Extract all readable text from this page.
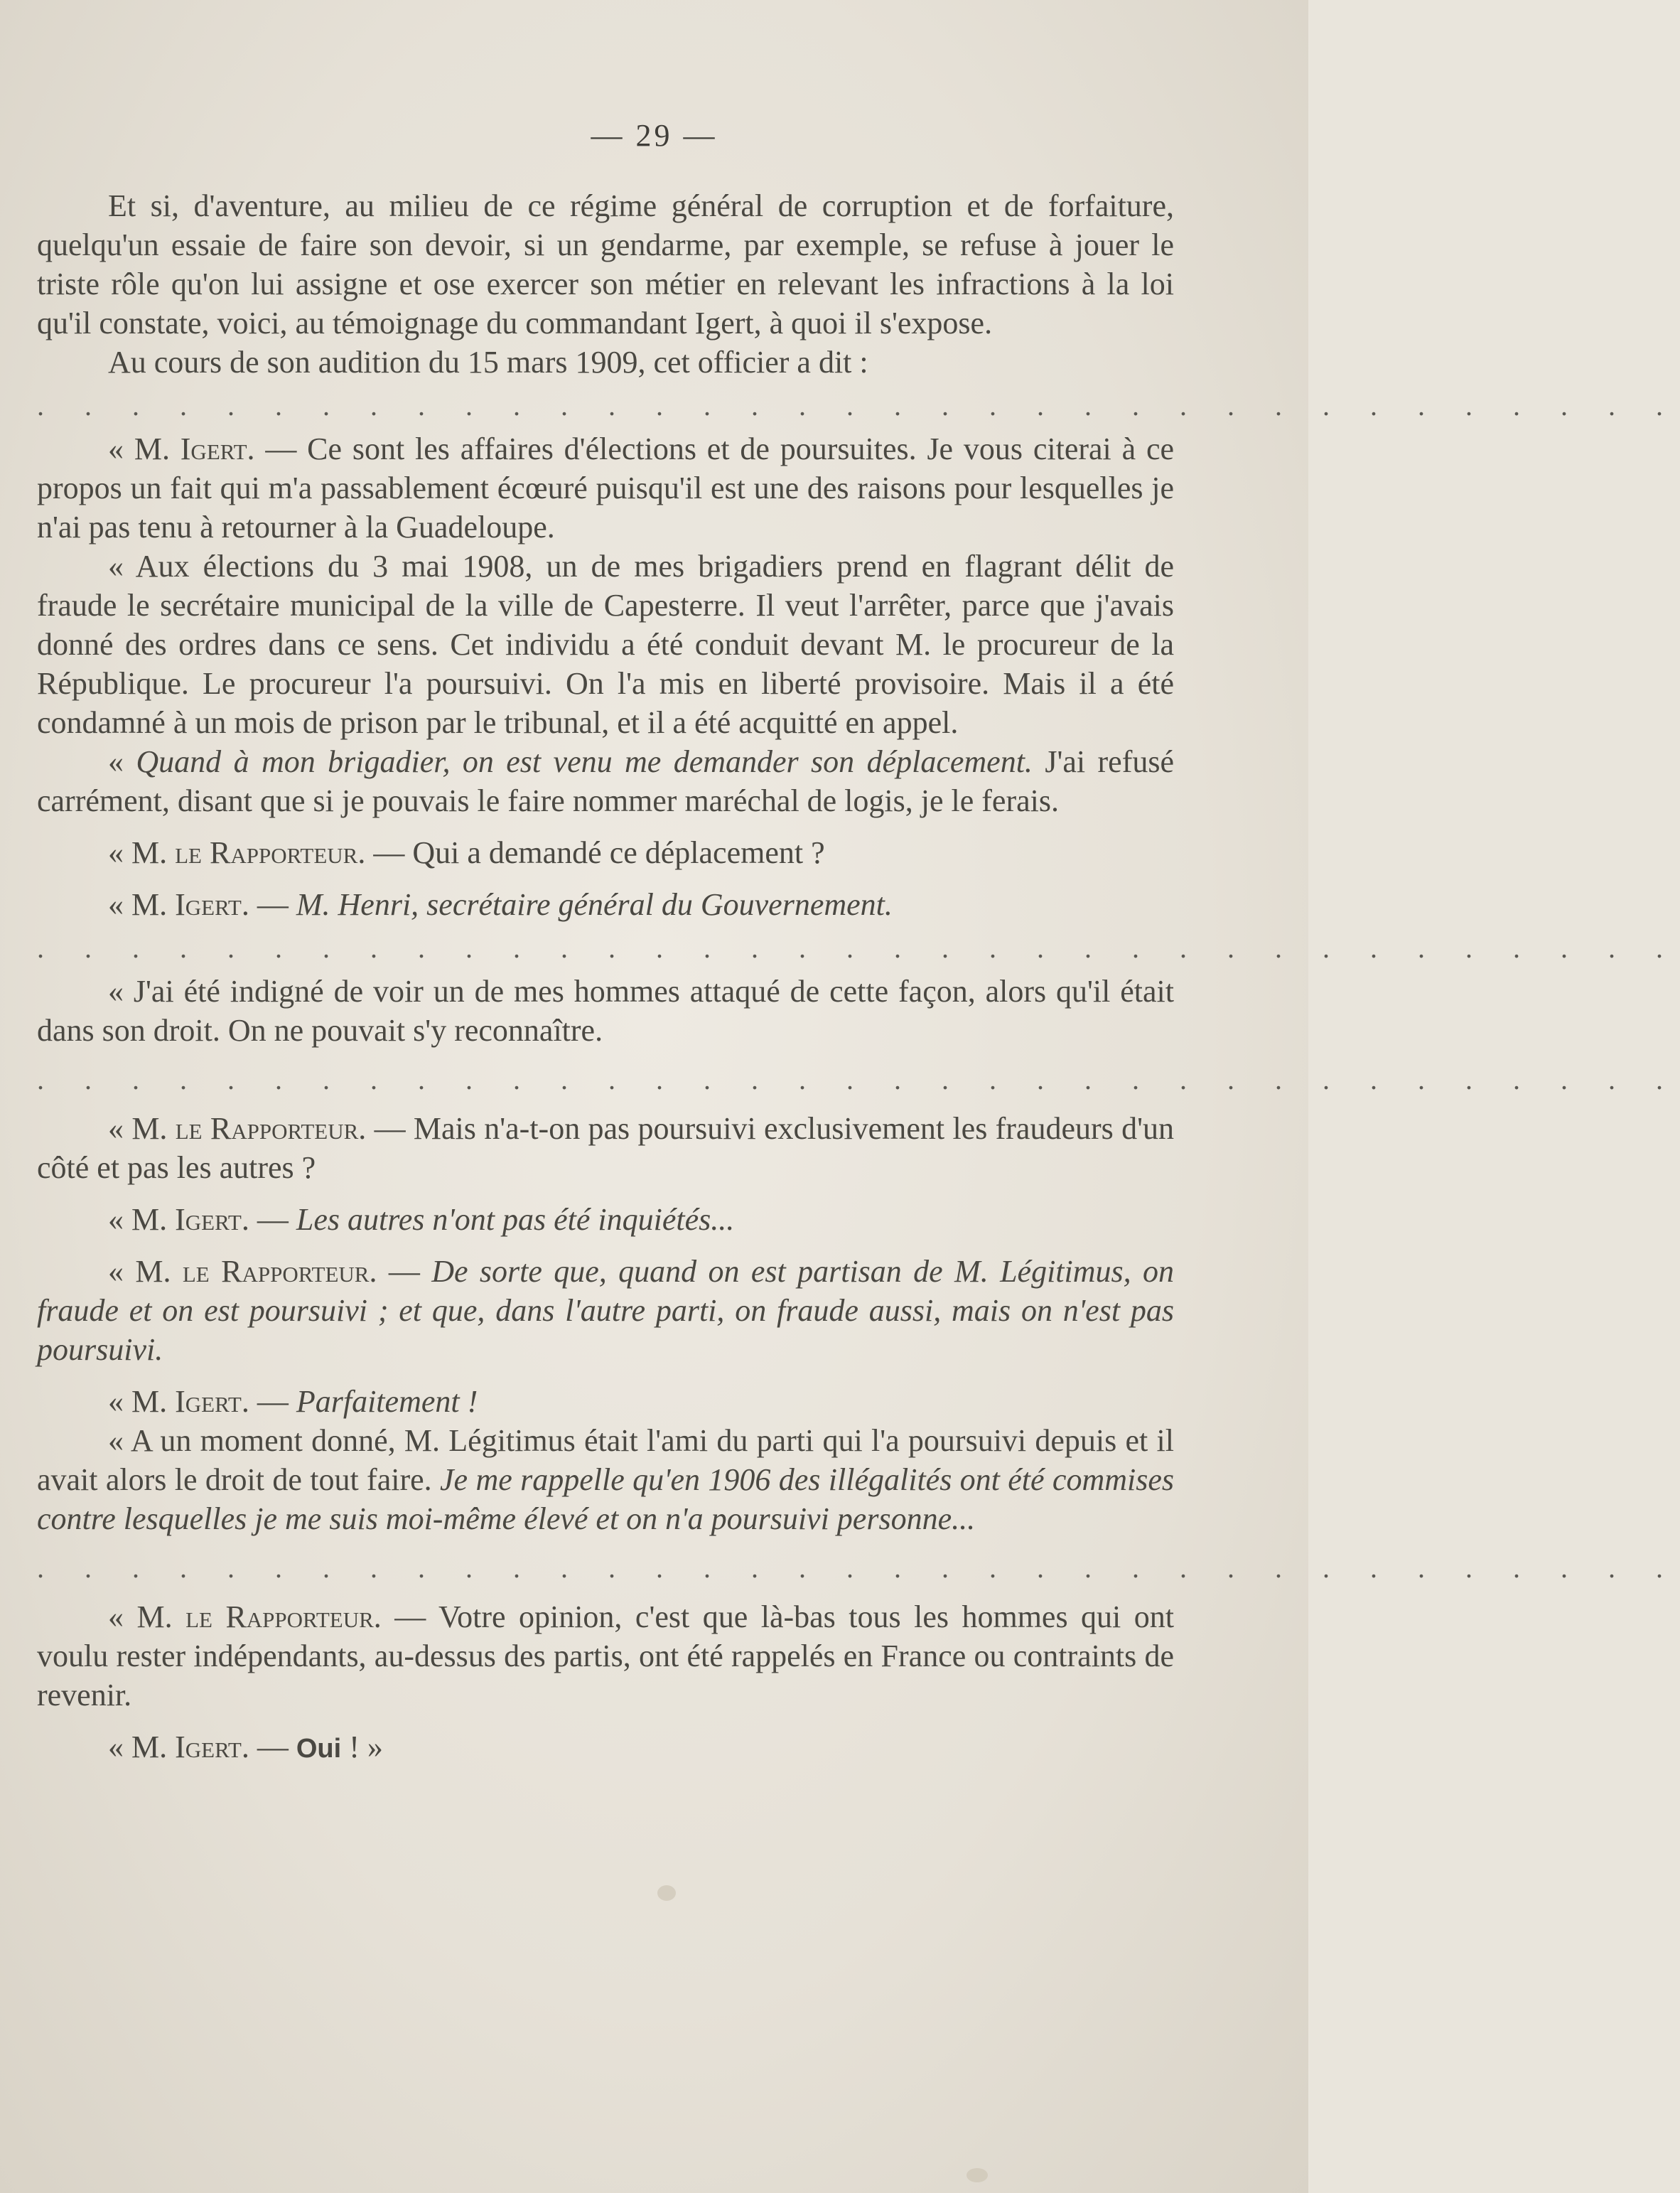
— 29 —

Et si, d'aventure, au milieu de ce régime général de corruption et de forfaiture, quelqu'un essaie de faire son devoir, si un gendarme, par exemple, se refuse à jouer le triste rôle qu'on lui assigne et ose exercer son métier en relevant les infractions à la loi qu'il constate, voici, au témoignage du commandant Igert, à quoi il s'expose.

Au cours de son audition du 15 mars 1909, cet officier a dit :

. . . . . . . . . . . . . . . . . . . . . . . . . . . . . . . . . . .

« M. Igert. — Ce sont les affaires d'élections et de poursuites. Je vous citerai à ce propos un fait qui m'a passablement écœuré puisqu'il est une des raisons pour lesquelles je n'ai pas tenu à retourner à la Guadeloupe.

« Aux élections du 3 mai 1908, un de mes brigadiers prend en flagrant délit de fraude le secrétaire municipal de la ville de Capesterre. Il veut l'arrêter, parce que j'avais donné des ordres dans ce sens. Cet individu a été conduit devant M. le procureur de la République. Le procureur l'a poursuivi. On l'a mis en liberté provisoire. Mais il a été condamné à un mois de prison par le tribunal, et il a été acquitté en appel.

« Quand à mon brigadier, on est venu me demander son déplacement. J'ai refusé carrément, disant que si je pouvais le faire nommer maréchal de logis, je le ferais.

« M. le Rapporteur. — Qui a demandé ce déplacement ?

« M. Igert. — M. Henri, secrétaire général du Gouvernement.

. . . . . . . . . . . . . . . . . . . . . . . . . . . . . . . . . . .

« J'ai été indigné de voir un de mes hommes attaqué de cette façon, alors qu'il était dans son droit. On ne pouvait s'y reconnaître.

. . . . . . . . . . . . . . . . . . . . . . . . . . . . . . . . . . .

« M. le Rapporteur. — Mais n'a-t-on pas poursuivi exclusivement les fraudeurs d'un côté et pas les autres ?

« M. Igert. — Les autres n'ont pas été inquiétés...

« M. le Rapporteur. — De sorte que, quand on est partisan de M. Légitimus, on fraude et on est poursuivi ; et que, dans l'autre parti, on fraude aussi, mais on n'est pas poursuivi.

« M. Igert. — Parfaitement !

« A un moment donné, M. Légitimus était l'ami du parti qui l'a poursuivi depuis et il avait alors le droit de tout faire. Je me rappelle qu'en 1906 des illégalités ont été commises contre lesquelles je me suis moi-même élevé et on n'a poursuivi personne...

. . . . . . . . . . . . . . . . . . . . . . . . . . . . . . . . . . .

« M. le Rapporteur. — Votre opinion, c'est que là-bas tous les hommes qui ont voulu rester indépendants, au-dessus des partis, ont été rappelés en France ou contraints de revenir.

« M. Igert. — Oui ! »
